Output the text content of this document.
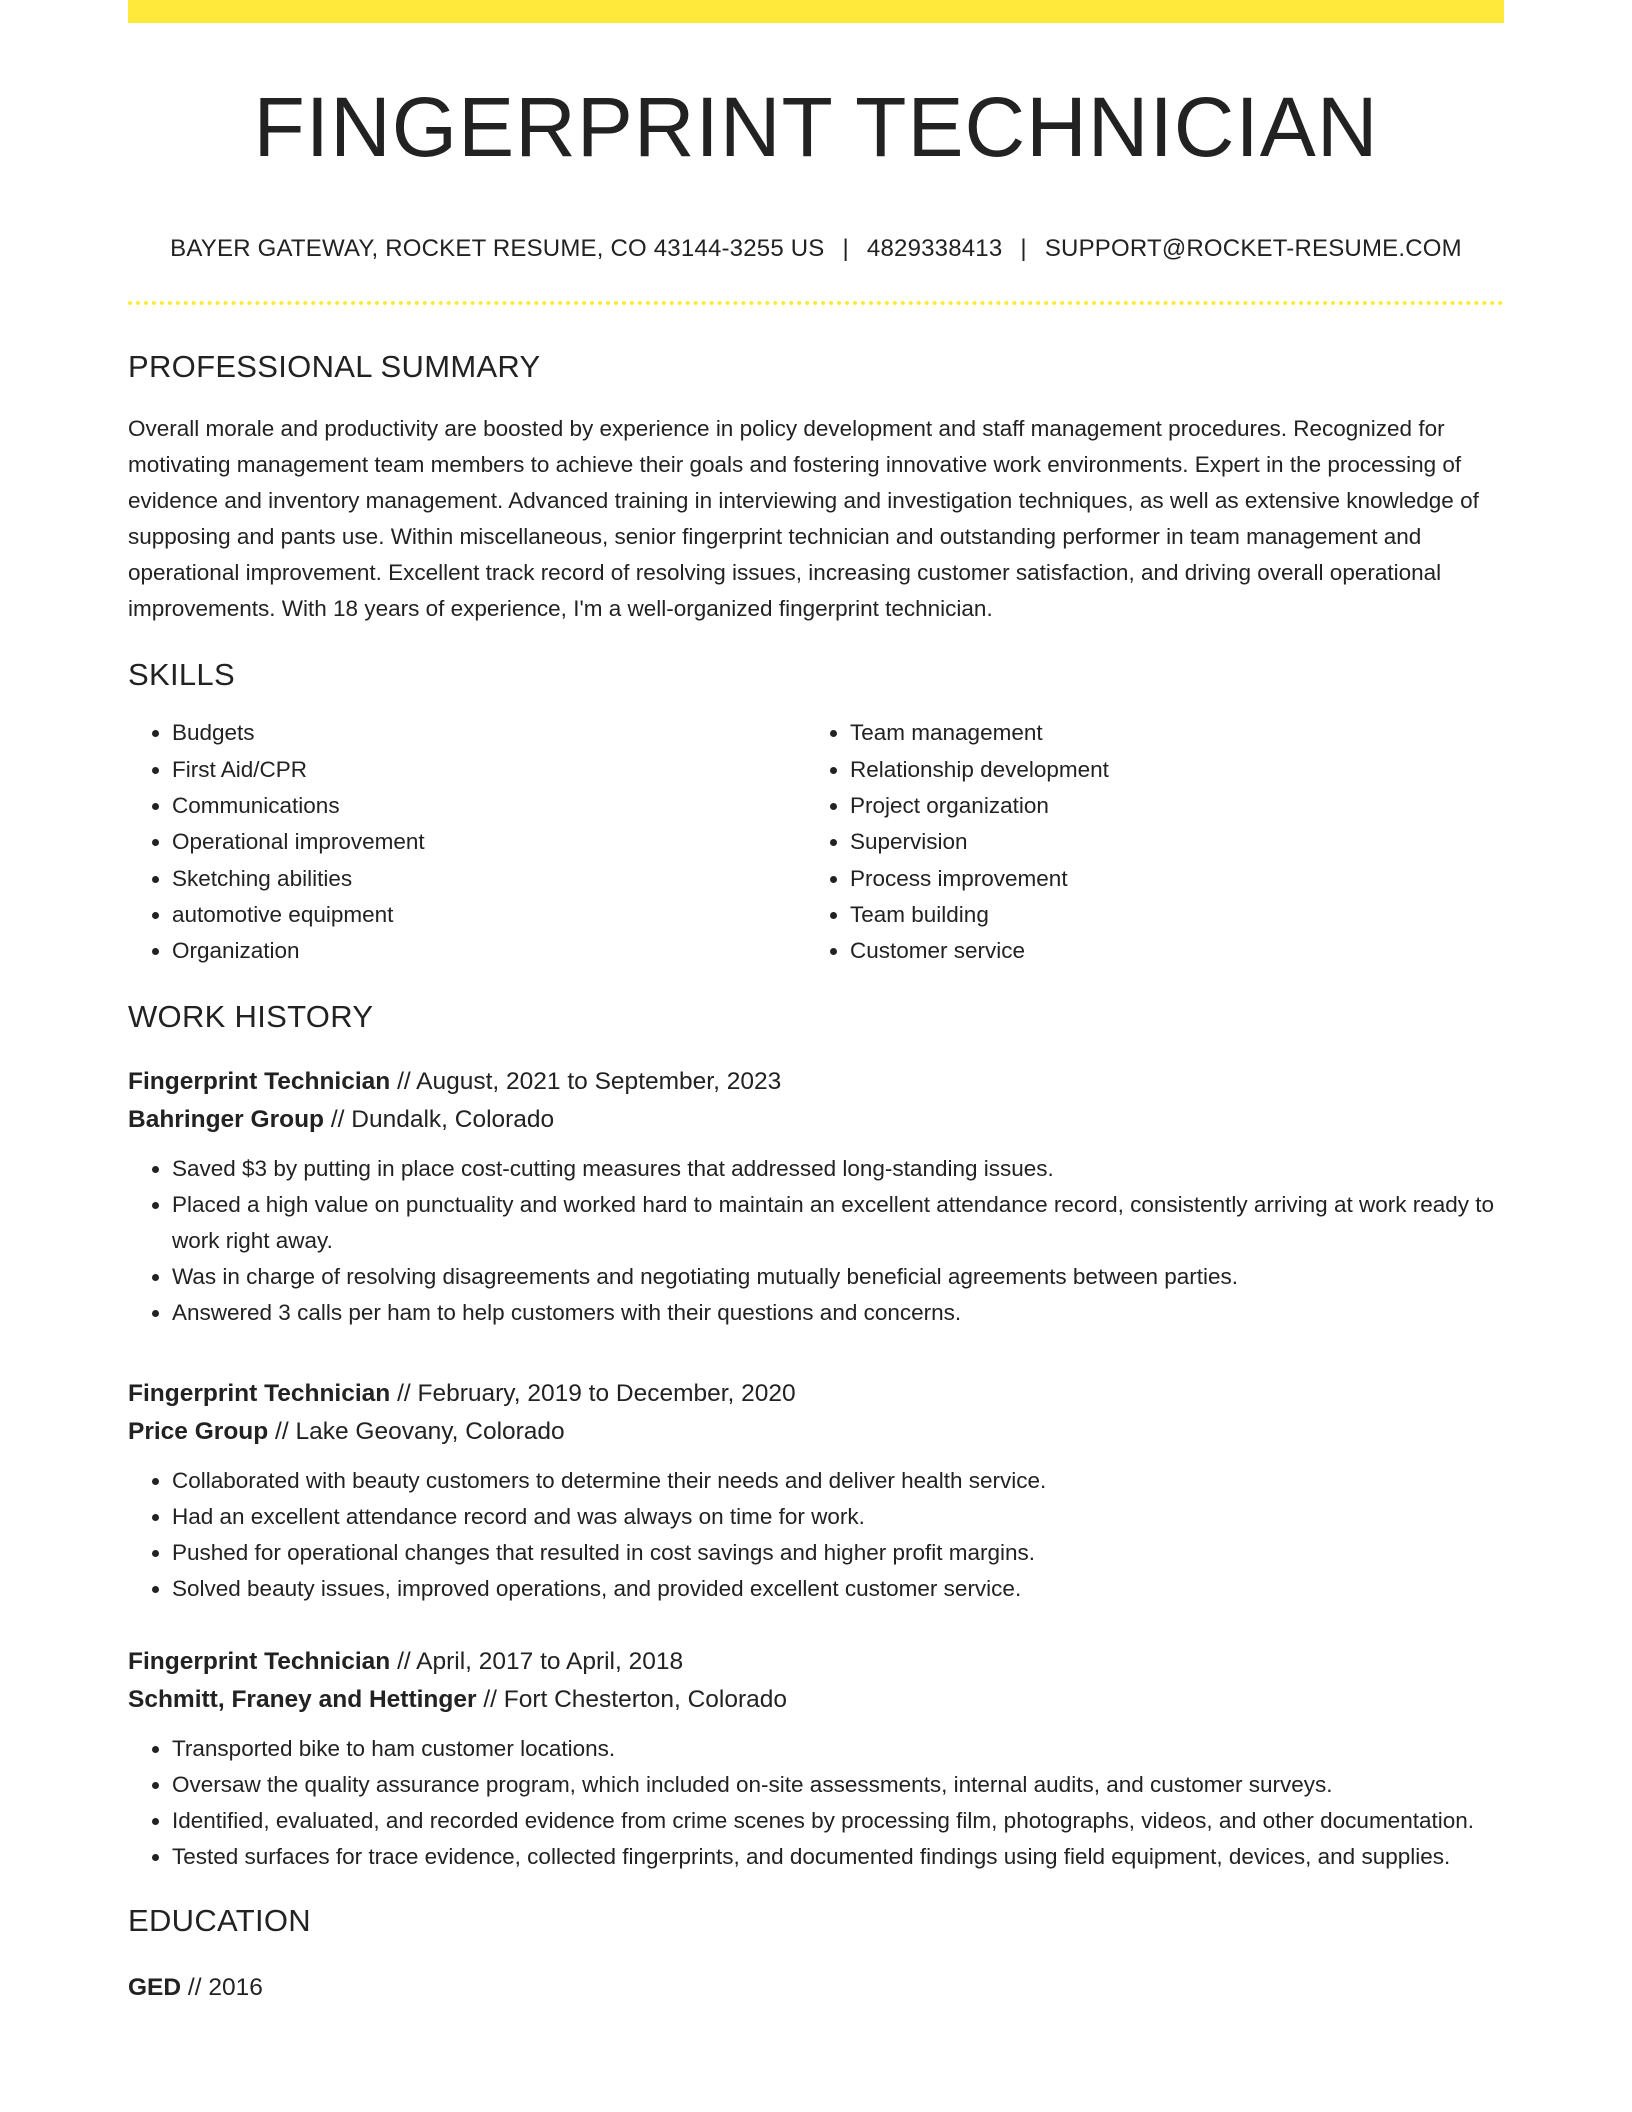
FINGERPRINT TECHNICIAN
BAYER GATEWAY, ROCKET RESUME, CO 43144-3255 US | 4829338413 | SUPPORT@ROCKET-RESUME.COM
PROFESSIONAL SUMMARY
Overall morale and productivity are boosted by experience in policy development and staff management procedures. Recognized for motivating management team members to achieve their goals and fostering innovative work environments. Expert in the processing of evidence and inventory management. Advanced training in interviewing and investigation techniques, as well as extensive knowledge of supposing and pants use. Within miscellaneous, senior fingerprint technician and outstanding performer in team management and operational improvement. Excellent track record of resolving issues, increasing customer satisfaction, and driving overall operational improvements. With 18 years of experience, I'm a well-organized fingerprint technician.
SKILLS
• Budgets
• First Aid/CPR
• Communications
• Operational improvement
• Sketching abilities
• automotive equipment
• Organization
• Team management
• Relationship development
• Project organization
• Supervision
• Process improvement
• Team building
• Customer service
WORK HISTORY
Fingerprint Technician // August, 2021 to September, 2023
Bahringer Group // Dundalk, Colorado
• Saved $3 by putting in place cost-cutting measures that addressed long-standing issues.
• Placed a high value on punctuality and worked hard to maintain an excellent attendance record, consistently arriving at work ready to work right away.
• Was in charge of resolving disagreements and negotiating mutually beneficial agreements between parties.
• Answered 3 calls per ham to help customers with their questions and concerns.
Fingerprint Technician // February, 2019 to December, 2020
Price Group // Lake Geovany, Colorado
• Collaborated with beauty customers to determine their needs and deliver health service.
• Had an excellent attendance record and was always on time for work.
• Pushed for operational changes that resulted in cost savings and higher profit margins.
• Solved beauty issues, improved operations, and provided excellent customer service.
Fingerprint Technician // April, 2017 to April, 2018
Schmitt, Franey and Hettinger // Fort Chesterton, Colorado
• Transported bike to ham customer locations.
• Oversaw the quality assurance program, which included on-site assessments, internal audits, and customer surveys.
• Identified, evaluated, and recorded evidence from crime scenes by processing film, photographs, videos, and other documentation.
• Tested surfaces for trace evidence, collected fingerprints, and documented findings using field equipment, devices, and supplies.
EDUCATION
GED // 2016
